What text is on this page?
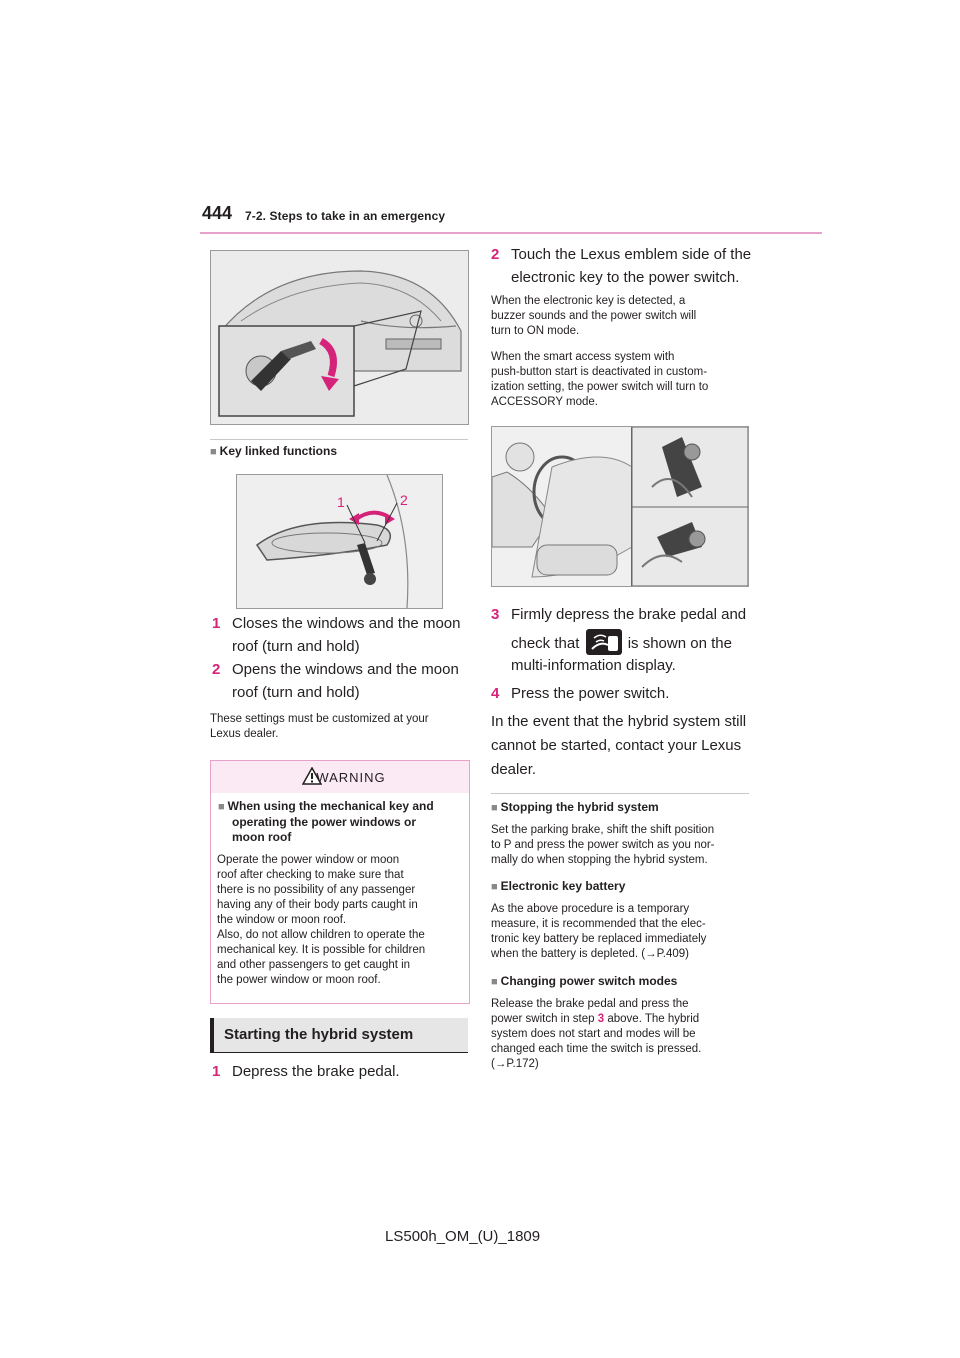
444 7-2. Steps to take in an emergency
■ Key linked functions
1	2
1 Closes the windows and the moon
roof (turn and hold)
2 Opens the windows and the moon
roof (turn and hold)
These settings must be customized at your
Lexus dealer.
WARNING
■ When using the mechanical key and
operating the power windows or
moon roof
Operate the power window or moon
roof after checking to make sure that
there is no possibility of any passenger
having any of their body parts caught in
the window or moon roof.
Also, do not allow children to operate the
mechanical key. It is possible for children
and other passengers to get caught in
the power window or moon roof.
Starting the hybrid system
1 Depress the brake pedal.
2 Touch the Lexus emblem side of the
electronic key to the power switch.
When the electronic key is detected, a
buzzer sounds and the power switch will
turn to ON mode.
When the smart access system with
push-button start is deactivated in custom-
ization setting, the power switch will turn to
ACCESSORY mode.
3 Firmly depress the brake pedal and
check that	is shown on the
multi-information display.
4 Press the power switch.
In the event that the hybrid system still
cannot be started, contact your Lexus
dealer.
■ Stopping the hybrid system
Set the parking brake, shift the shift position
to P and press the power switch as you nor-
mally do when stopping the hybrid system.
■ Electronic key battery
As the above procedure is a temporary
measure, it is recommended that the elec-
tronic key battery be replaced immediately
when the battery is depleted. (→P.409)
■ Changing power switch modes
Release the brake pedal and press the
power switch in step 3 above. The hybrid
system does not start and modes will be
changed each time the switch is pressed.
(→P.172)
LS500h_OM_(U)_1809
